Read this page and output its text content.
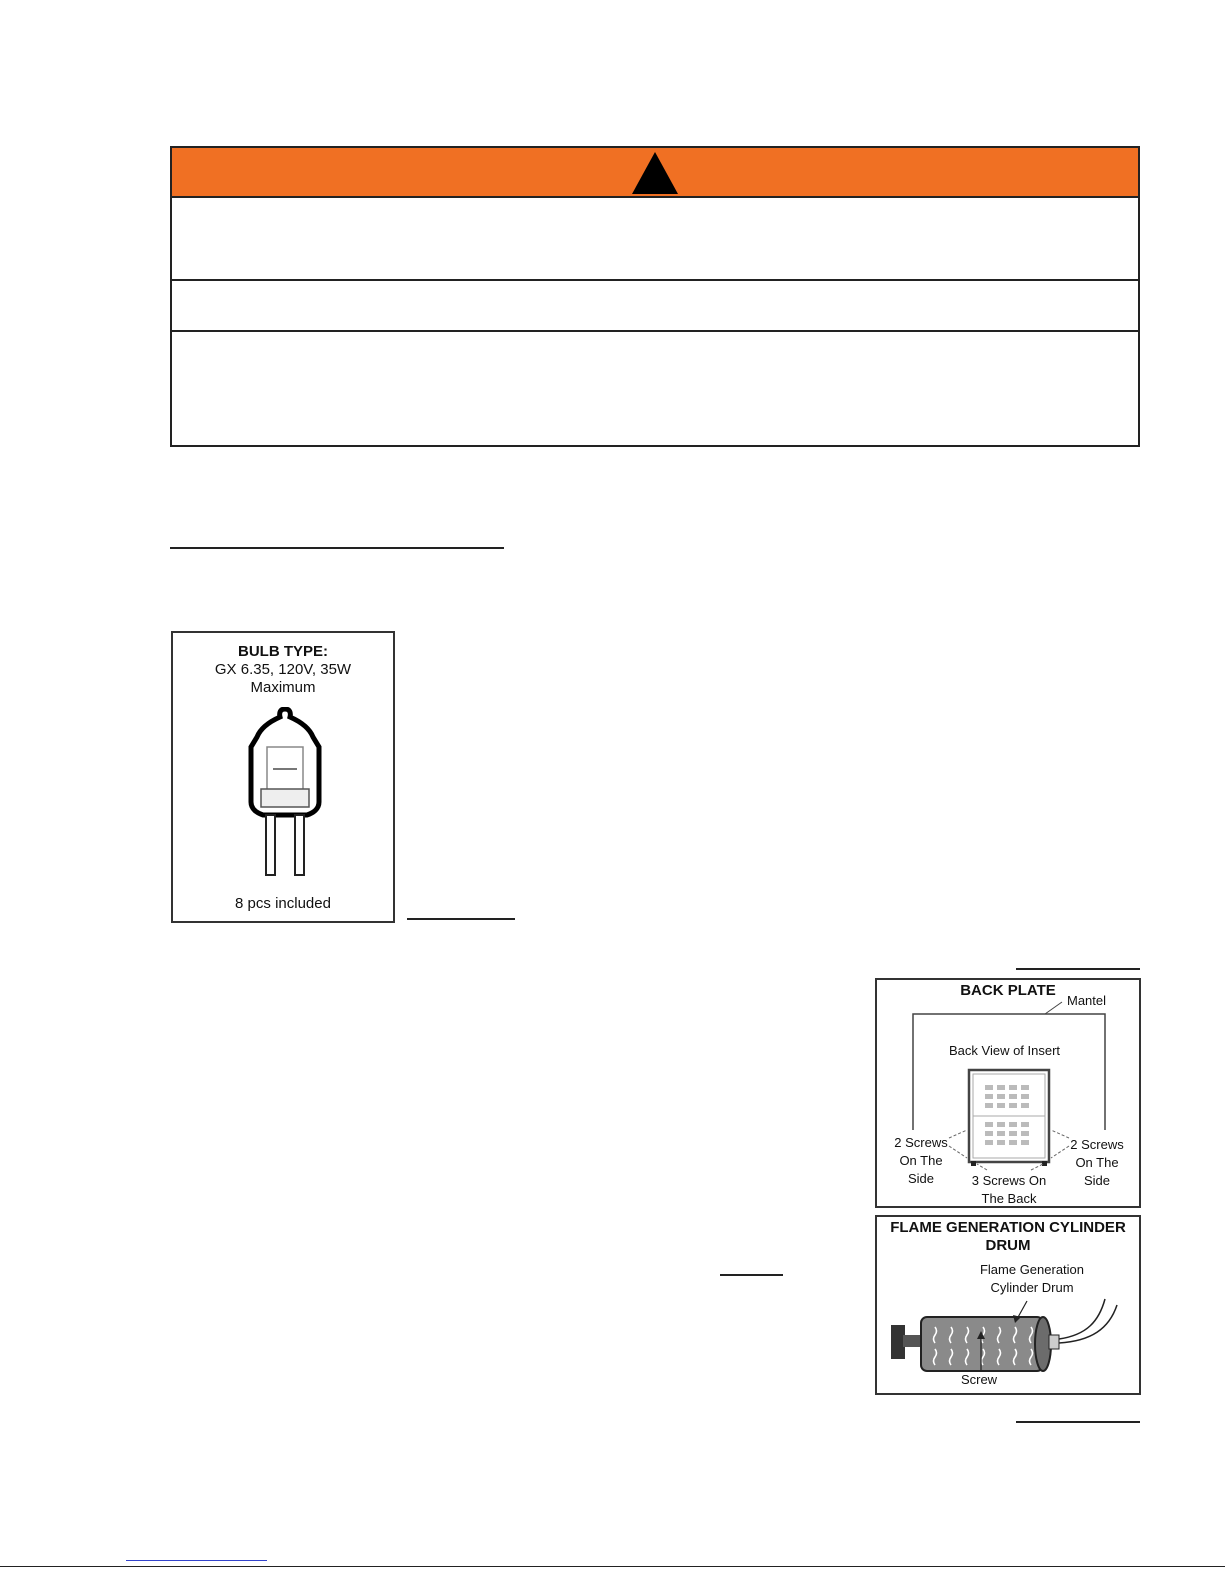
BULB TYPE:
GX 6.35, 120V, 35W
Maximum
8 pcs included
BACK PLATE
Mantel
Back View of Insert
2 Screws
On The
Side
2 Screws
On The
Side
3 Screws On
The Back
FLAME GENERATION CYLINDER
DRUM
Flame Generation
Cylinder Drum
Screw
